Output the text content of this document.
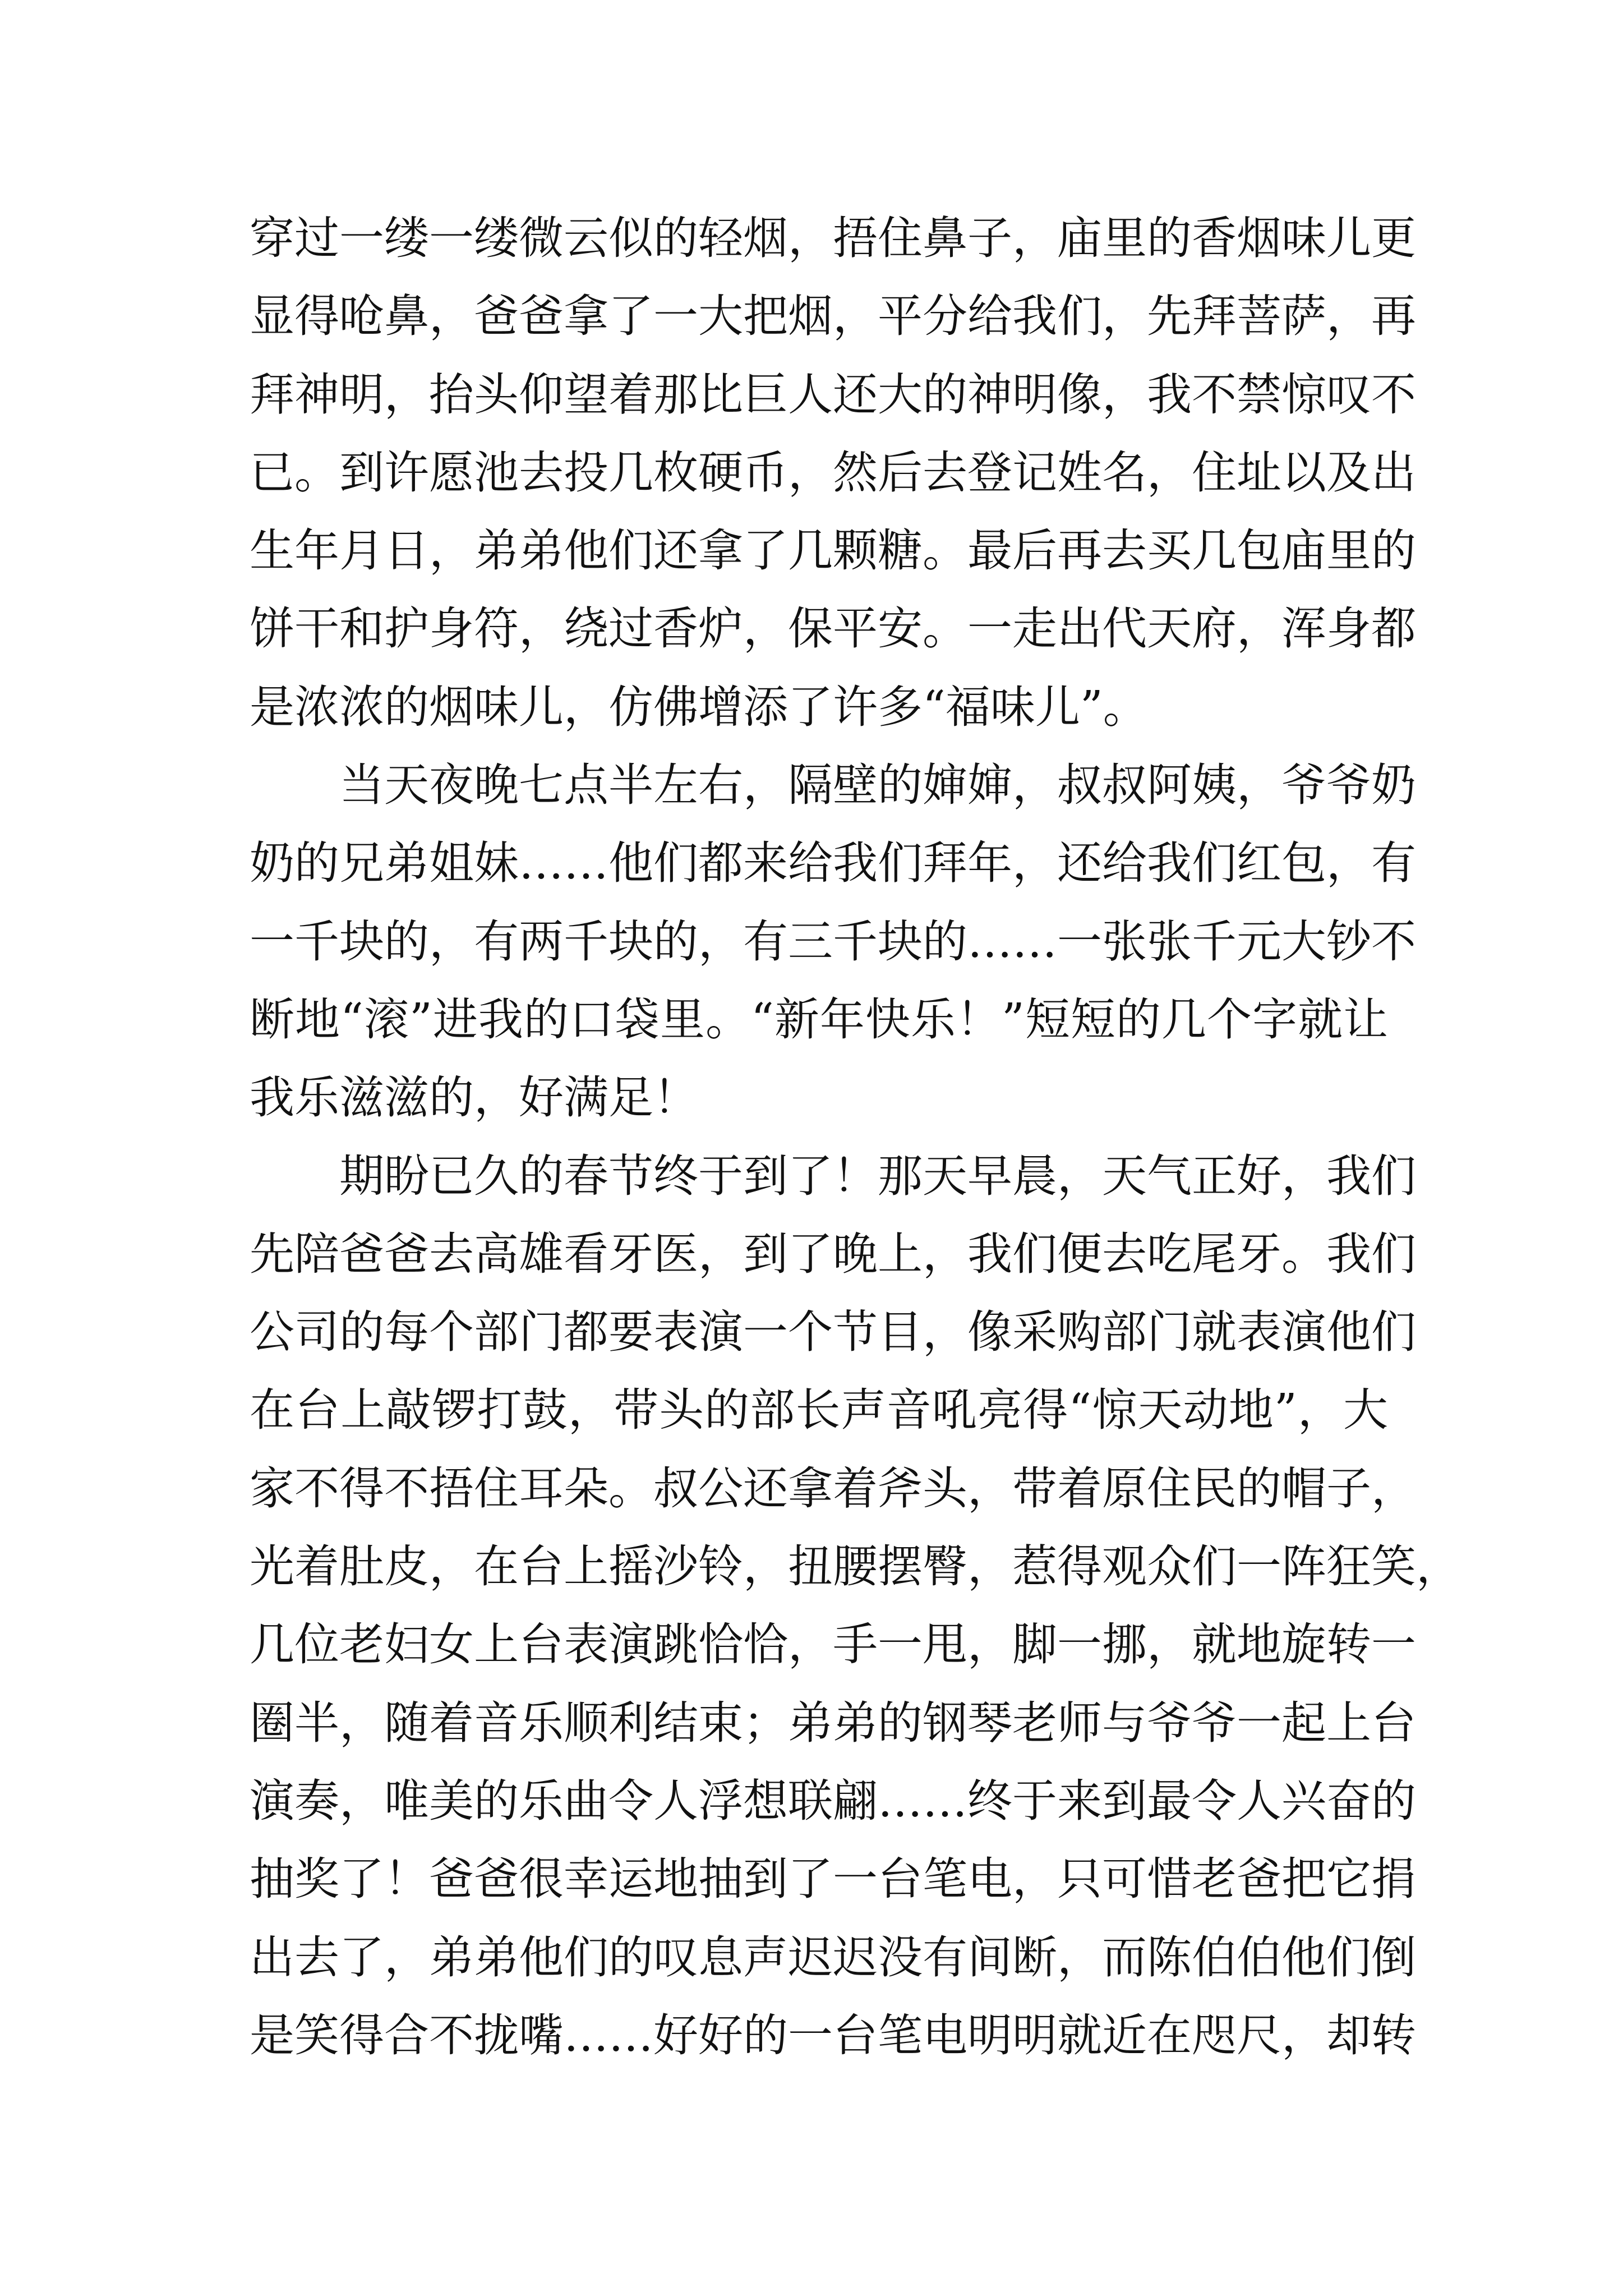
穿过一缕一缕微云似的轻烟，捂住鼻子，庙里的香烟味儿更
显得呛鼻，爸爸拿了一大把烟，平分给我们，先拜菩萨，再
拜神明，抬头仰望着那比巨人还大的神明像，我不禁惊叹不
已。到许愿池去投几枚硬币，然后去登记姓名，住址以及出
生年月日，弟弟他们还拿了几颗糖。最后再去买几包庙里的
饼干和护身符，绕过香炉，保平安。一走出代天府，浑身都
是浓浓的烟味儿，仿佛增添了许多“福味儿”。
当天夜晚七点半左右，隔壁的婶婶，叔叔阿姨，爷爷奶
奶的兄弟姐妹……他们都来给我们拜年，还给我们红包，有
一千块的，有两千块的，有三千块的……一张张千元大钞不
断地“滚”进我的口袋里。“新年快乐！”短短的几个字就让
我乐滋滋的，好满足！
期盼已久的春节终于到了！那天早晨，天气正好，我们
先陪爸爸去高雄看牙医，到了晚上，我们便去吃尾牙。我们
公司的每个部门都要表演一个节目，像采购部门就表演他们
在台上敲锣打鼓，带头的部长声音吼亮得“惊天动地”，大
家不得不捂住耳朵。叔公还拿着斧头，带着原住民的帽子，
光着肚皮，在台上摇沙铃，扭腰摆臀，惹得观众们一阵狂笑，
几位老妇女上台表演跳恰恰，手一甩，脚一挪，就地旋转一
圈半，随着音乐顺利结束；弟弟的钢琴老师与爷爷一起上台
演奏，唯美的乐曲令人浮想联翩……终于来到最令人兴奋的
抽奖了！爸爸很幸运地抽到了一台笔电，只可惜老爸把它捐
出去了，弟弟他们的叹息声迟迟没有间断，而陈伯伯他们倒
是笑得合不拢嘴……好好的一台笔电明明就近在咫尺，却转
